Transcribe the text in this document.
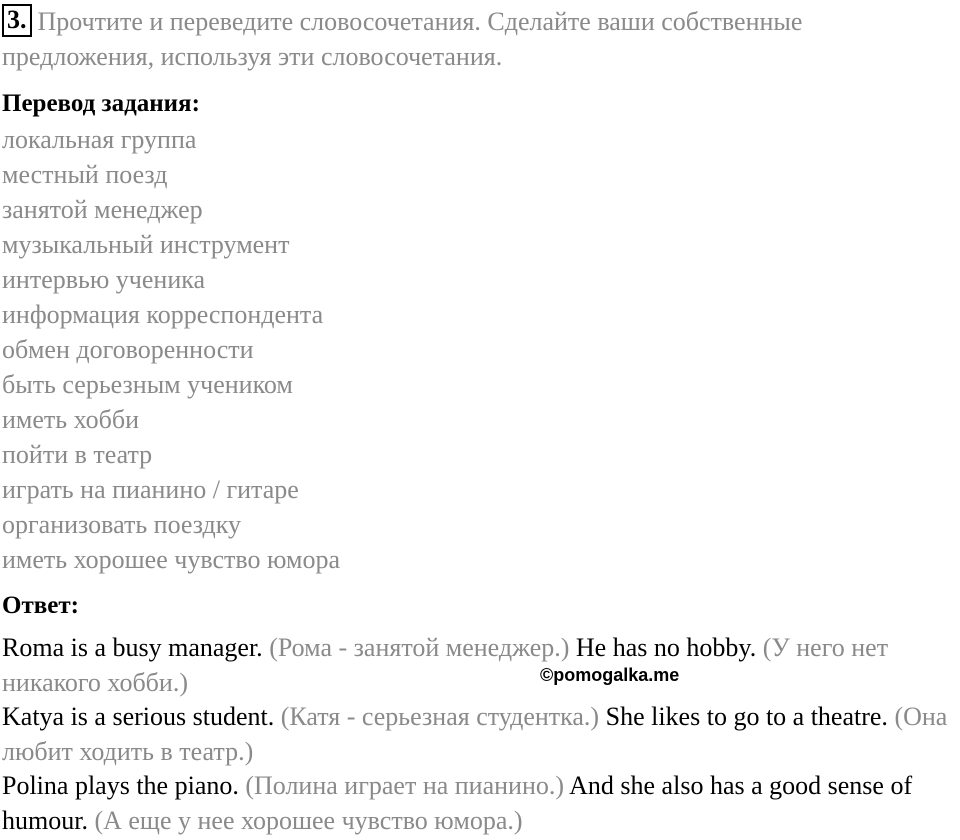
3. Прочтите и переведите словосочетания. Сделайте ваши собственные предложения, используя эти словосочетания.
Перевод задания:
локальная группа
местный поезд
занятой менеджер
музыкальный инструмент
интервью ученика
информация корреспондента
обмен договоренности
быть серьезным учеником
иметь хобби
пойти в театр
играть на пианино / гитаре
организовать поездку
иметь хорошее чувство юмора
Ответ:

Roma is a busy manager. (Рома - занятой менеджер.) He has no hobby. (У него нет никакого хобби.)

Katya is a serious student. (Катя - серьезная студентка.) She likes to go to a theatre. (Она любит ходить в театр.)

Polina plays the piano. (Полина играет на пианино.) And she also has a good sense of humour. (А еще у нее хорошее чувство юмора.)

©pomogalka.me
